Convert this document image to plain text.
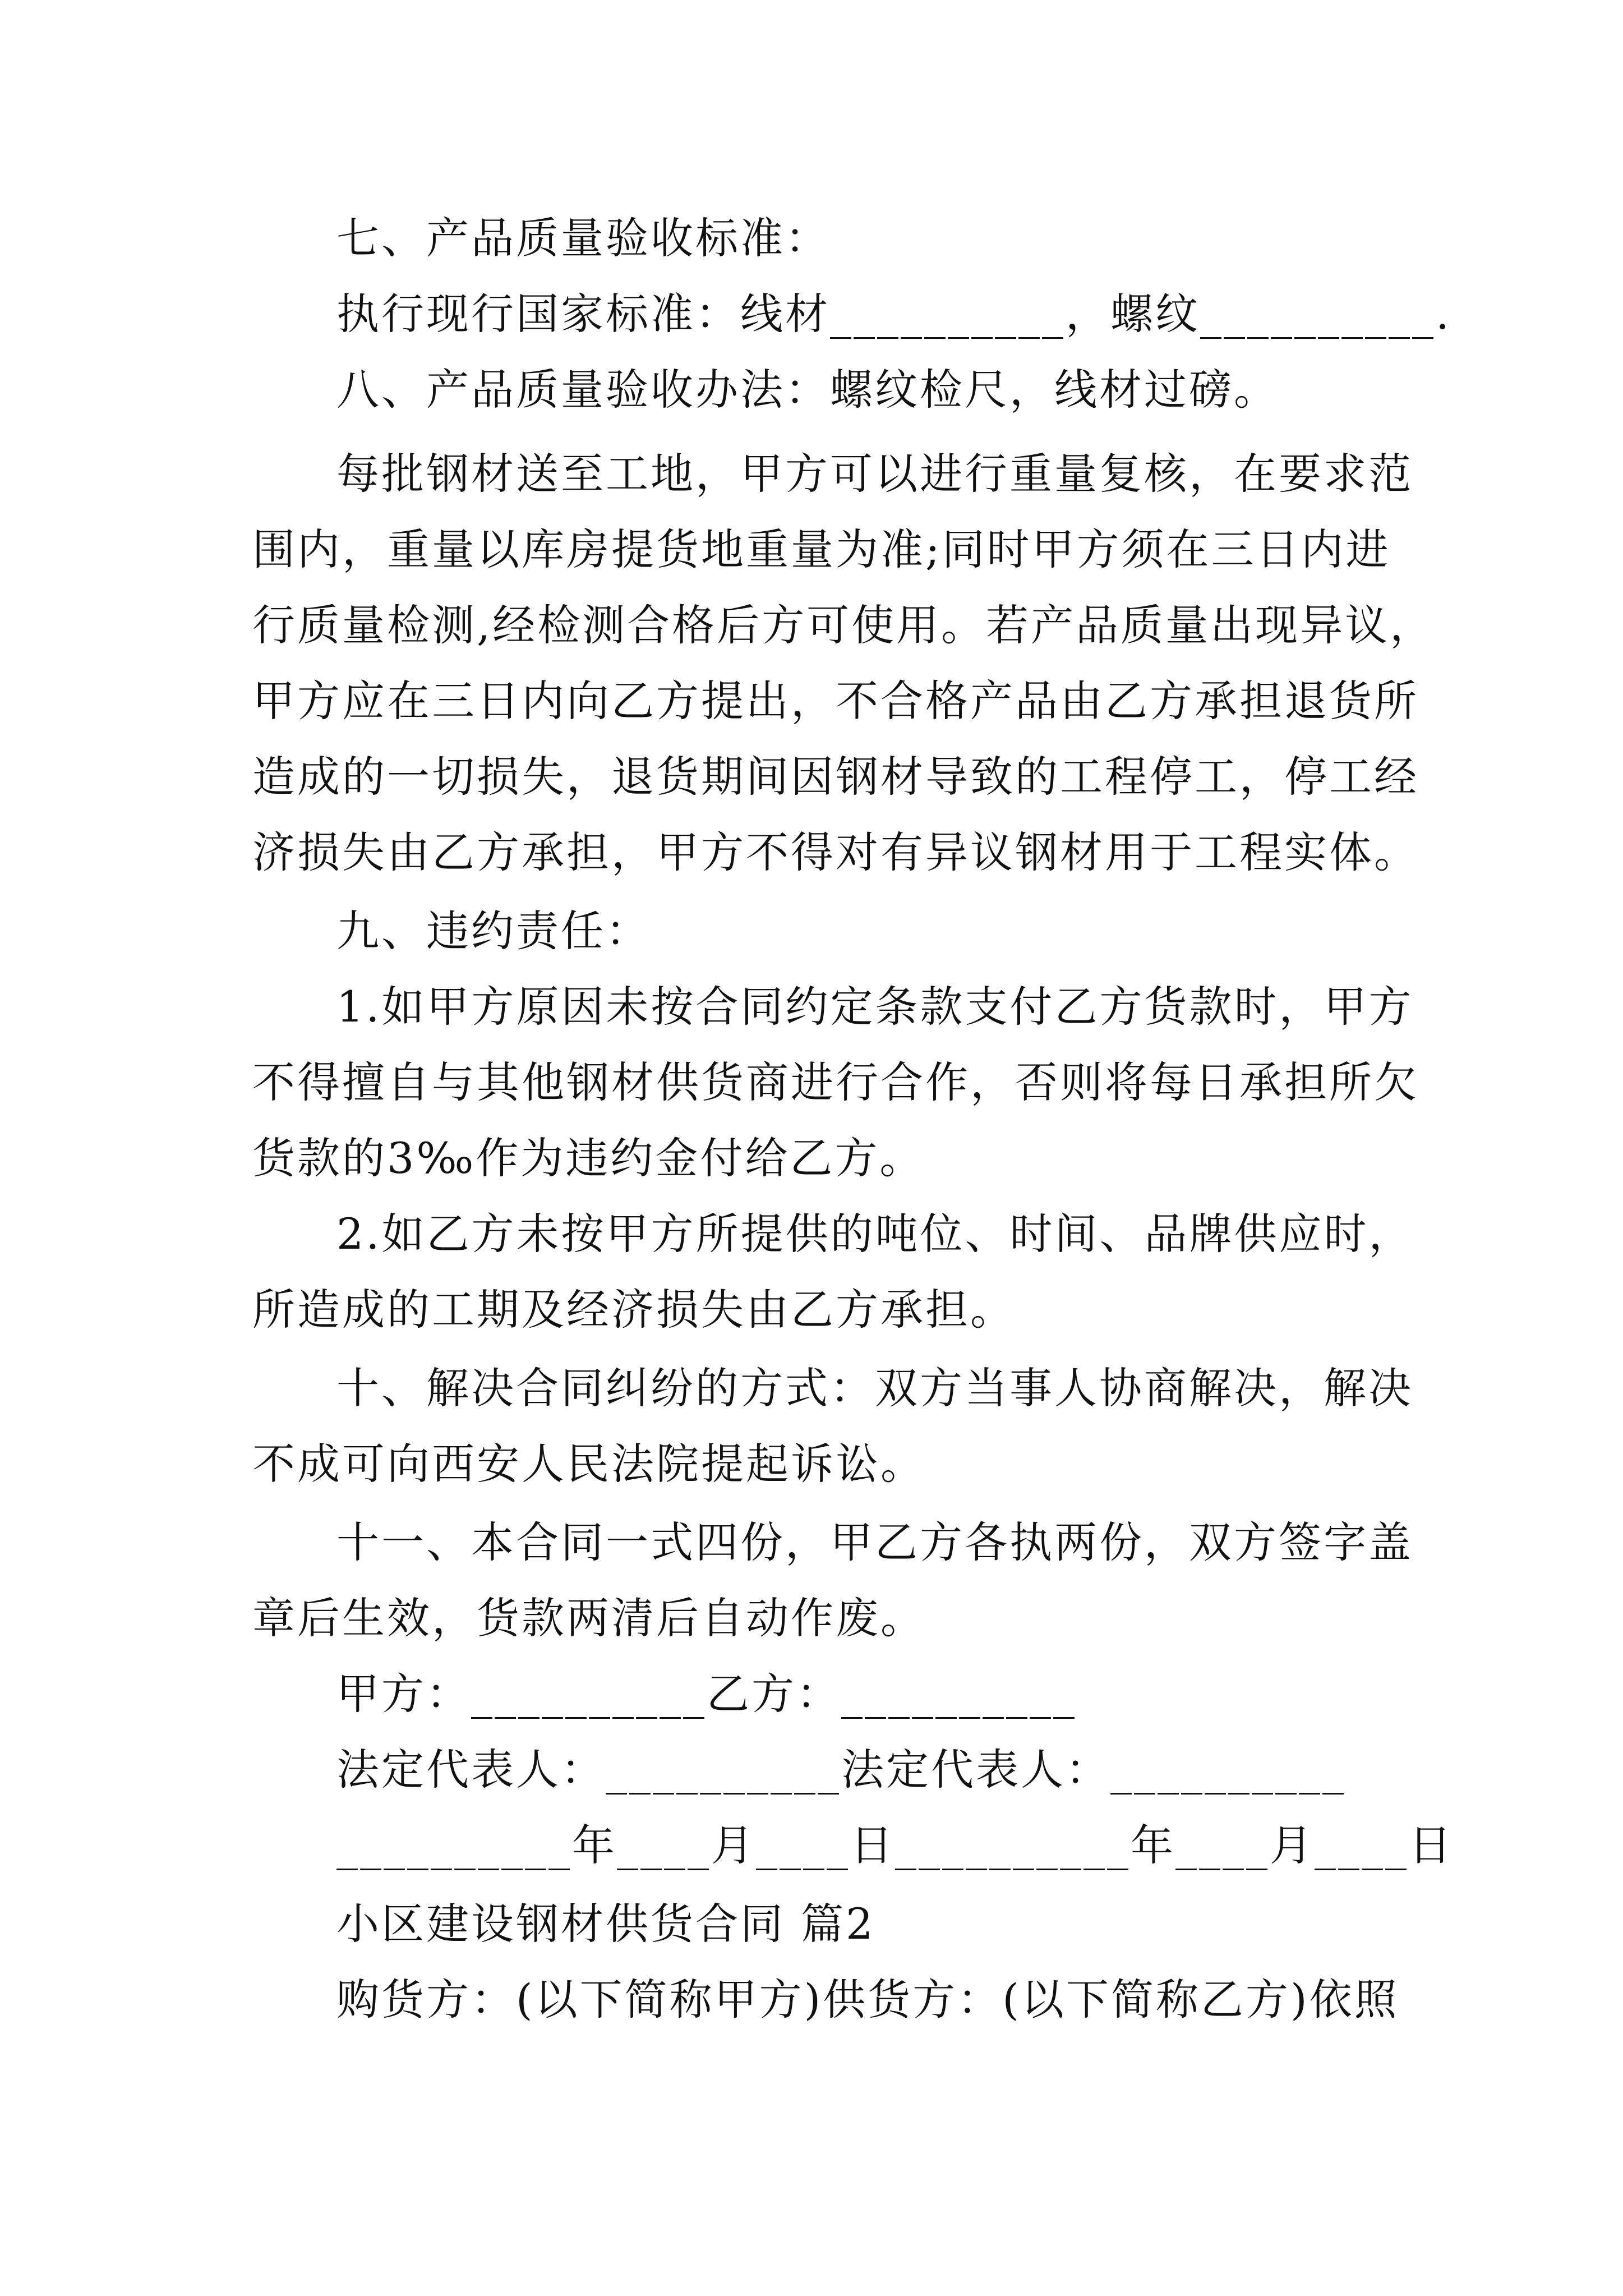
七、产品质量验收标准：
执行现行国家标准：线材__________，螺纹__________.
八、产品质量验收办法：螺纹检尺，线材过磅。
每批钢材送至工地，甲方可以进行重量复核，在要求范
围内，重量以库房提货地重量为准;同时甲方须在三日内进
行质量检测,经检测合格后方可使用。若产品质量出现异议，
甲方应在三日内向乙方提出，不合格产品由乙方承担退货所
造成的一切损失，退货期间因钢材导致的工程停工，停工经
济损失由乙方承担，甲方不得对有异议钢材用于工程实体。
九、违约责任：
1.如甲方原因未按合同约定条款支付乙方货款时，甲方
不得擅自与其他钢材供货商进行合作，否则将每日承担所欠
货款的3‰作为违约金付给乙方。
2.如乙方未按甲方所提供的吨位、时间、品牌供应时，
所造成的工期及经济损失由乙方承担。
十、解决合同纠纷的方式：双方当事人协商解决，解决
不成可向西安人民法院提起诉讼。
十一、本合同一式四份，甲乙方各执两份，双方签字盖
章后生效，货款两清后自动作废。
甲方：__________乙方：__________
法定代表人：__________法定代表人：__________
__________年____月____日__________年____月____日
小区建设钢材供货合同 篇2
购货方：(以下简称甲方)供货方：(以下简称乙方)依照
